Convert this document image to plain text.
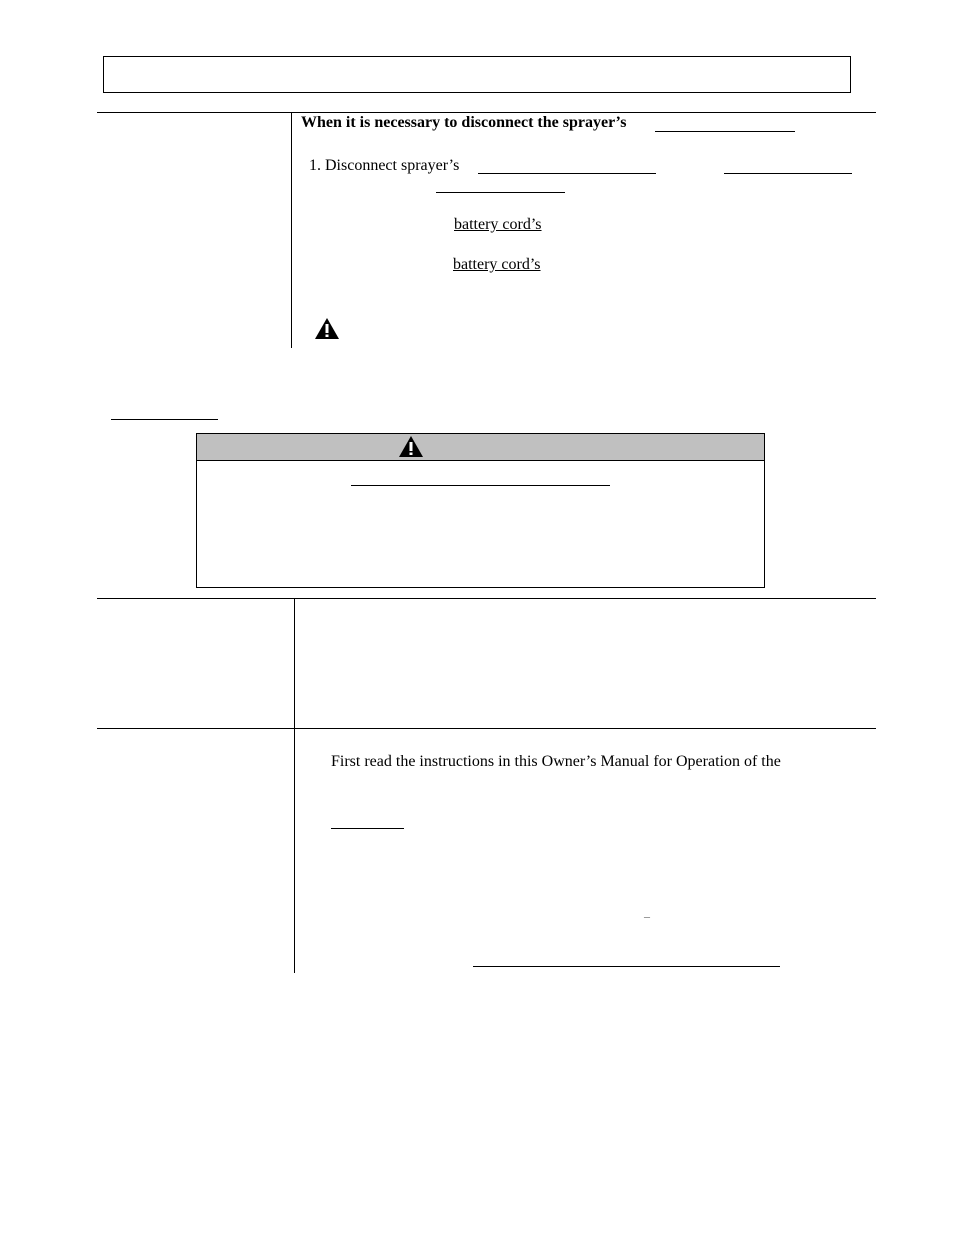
When it is necessary to disconnect the sprayer’s
1. Disconnect sprayer’s
battery cord’s
battery cord’s
First read the instructions in this Owner’s Manual for Operation of the
–
